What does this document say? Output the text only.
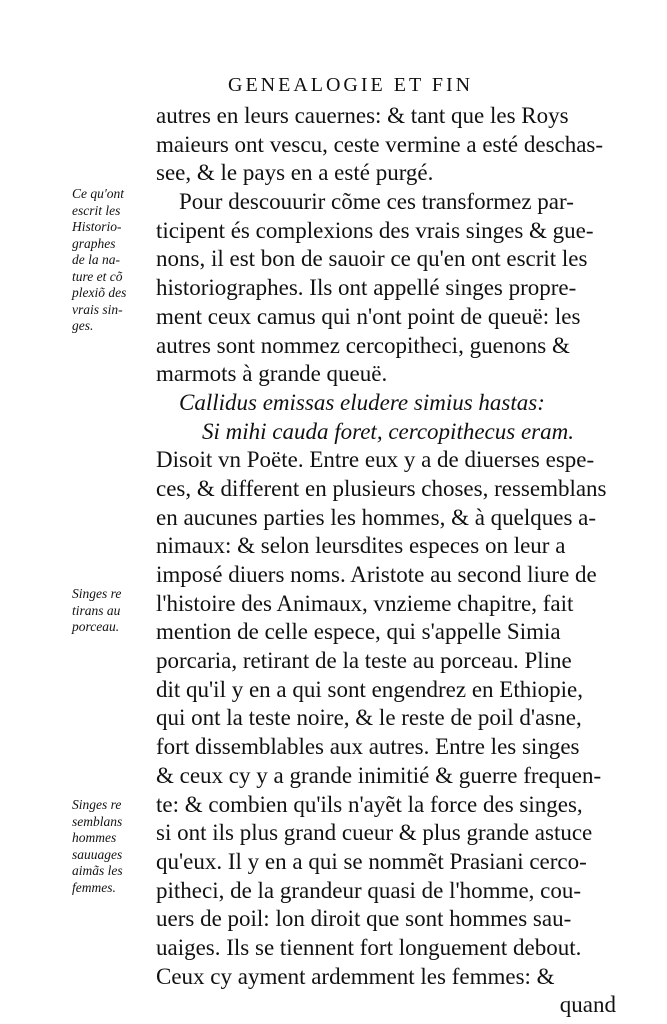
GENEALOGIE ET FIN
autres en leurs cauernes: & tant que les Roys
maieurs ont vescu, ceste vermine a esté deschas-
see, & le pays en a esté purgé.
Pour descouurir cõme ces transformez par-
ticipent és complexions des vrais singes & gue-
nons, il est bon de sauoir ce qu'en ont escrit les
historiographes. Ils ont appellé singes propre-
ment ceux camus qui n'ont point de queuë: les
autres sont nommez cercopitheci, guenons &
marmots à grande queuë.
Callidus emissas eludere simius hastas:
Si mihi cauda foret, cercopithecus eram.
Disoit vn Poëte. Entre eux y a de diuerses espe-
ces, & different en plusieurs choses, ressemblans
en aucunes parties les hommes, & à quelques a-
nimaux: & selon leursdites especes on leur a
imposé diuers noms. Aristote au second liure de
l'histoire des Animaux, vnzieme chapitre, fait
mention de celle espece, qui s'appelle Simia
porcaria, retirant de la teste au porceau. Pline
dit qu'il y en a qui sont engendrez en Ethiopie,
qui ont la teste noire, & le reste de poil d'asne,
fort dissemblables aux autres. Entre les singes
& ceux cy y a grande inimitié & guerre frequen-
te: & combien qu'ils n'ayẽt la force des singes,
si ont ils plus grand cueur & plus grande astuce
qu'eux. Il y en a qui se nommẽt Prasiani cerco-
pitheci, de la grandeur quasi de l'homme, cou-
uers de poil: lon diroit que sont hommes sau-
uaiges. Ils se tiennent fort longuement debout.
Ceux cy ayment ardemment les femmes: &
quand
Ce qu'ont
escrit les
Historio-
graphes
de la na-
ture et cõ
plexiõ des
vrais sin-
ges.
Singes re
tirans au
porceau.
Singes re
semblans
hommes
sauuages
aimãs les
femmes.
